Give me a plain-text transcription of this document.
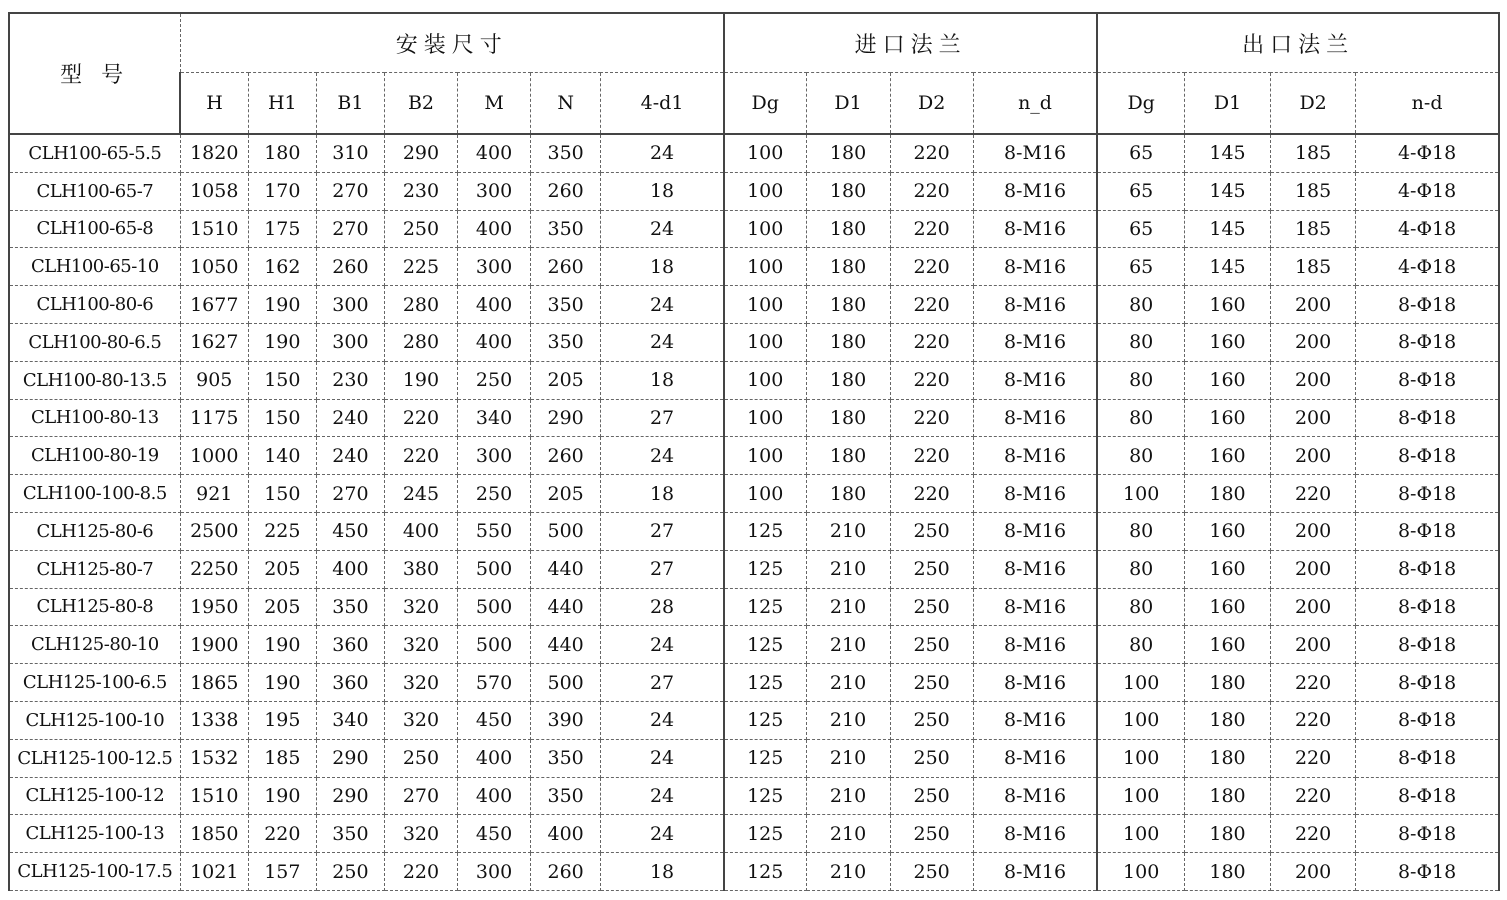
型 号	安装尺寸							进口法兰				出口法兰			
	H	H1	B1	B2	M	N	4-d1	Dg	D1	D2	n_d	Dg	D1	D2	n-d
CLH100-65-5.5	1820	180	310	290	400	350	24	100	180	220	8-M16	65	145	185	4-Φ18
CLH100-65-7	1058	170	270	230	300	260	18	100	180	220	8-M16	65	145	185	4-Φ18
CLH100-65-8	1510	175	270	250	400	350	24	100	180	220	8-M16	65	145	185	4-Φ18
CLH100-65-10	1050	162	260	225	300	260	18	100	180	220	8-M16	65	145	185	4-Φ18
CLH100-80-6	1677	190	300	280	400	350	24	100	180	220	8-M16	80	160	200	8-Φ18
CLH100-80-6.5	1627	190	300	280	400	350	24	100	180	220	8-M16	80	160	200	8-Φ18
CLH100-80-13.5	905	150	230	190	250	205	18	100	180	220	8-M16	80	160	200	8-Φ18
CLH100-80-13	1175	150	240	220	340	290	27	100	180	220	8-M16	80	160	200	8-Φ18
CLH100-80-19	1000	140	240	220	300	260	24	100	180	220	8-M16	80	160	200	8-Φ18
CLH100-100-8.5	921	150	270	245	250	205	18	100	180	220	8-M16	100	180	220	8-Φ18
CLH125-80-6	2500	225	450	400	550	500	27	125	210	250	8-M16	80	160	200	8-Φ18
CLH125-80-7	2250	205	400	380	500	440	27	125	210	250	8-M16	80	160	200	8-Φ18
CLH125-80-8	1950	205	350	320	500	440	28	125	210	250	8-M16	80	160	200	8-Φ18
CLH125-80-10	1900	190	360	320	500	440	24	125	210	250	8-M16	80	160	200	8-Φ18
CLH125-100-6.5	1865	190	360	320	570	500	27	125	210	250	8-M16	100	180	220	8-Φ18
CLH125-100-10	1338	195	340	320	450	390	24	125	210	250	8-M16	100	180	220	8-Φ18
CLH125-100-12.5	1532	185	290	250	400	350	24	125	210	250	8-M16	100	180	220	8-Φ18
CLH125-100-12	1510	190	290	270	400	350	24	125	210	250	8-M16	100	180	220	8-Φ18
CLH125-100-13	1850	220	350	320	450	400	24	125	210	250	8-M16	100	180	220	8-Φ18
CLH125-100-17.5	1021	157	250	220	300	260	18	125	210	250	8-M16	100	180	200	8-Φ18
